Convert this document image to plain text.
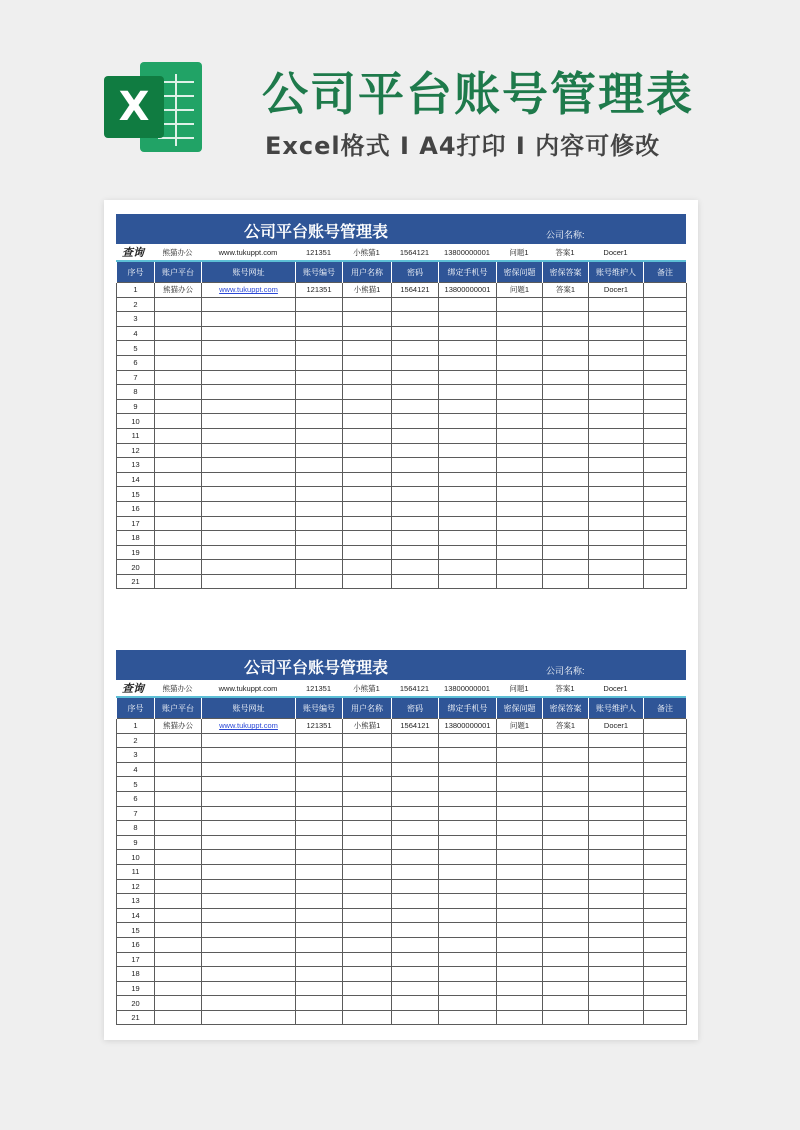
X 公司平台账号管理表
Excel格式 I A4打印 I 内容可修改
公司平台账号管理表	公司名称:
查询	熊猫办公	www.tukuppt.com	121351	小熊猫1	1564121	13800000001	问题1	答案1	Docer1	
序号	账户平台	账号网址	账号编号	用户名称	密码	绑定手机号	密保问题	密保答案	账号维护人	备注
1	熊猫办公	www.tukuppt.com	121351	小熊猫1	1564121	13800000001	问题1	答案1	Docer1	
2										
3										
4										
5										
6										
7										
8										
9										
10										
11										
12										
13										
14										
15										
16										
17										
18										
19										
20										
21										
公司平台账号管理表	公司名称:
查询	熊猫办公	www.tukuppt.com	121351	小熊猫1	1564121	13800000001	问题1	答案1	Docer1	
序号	账户平台	账号网址	账号编号	用户名称	密码	绑定手机号	密保问题	密保答案	账号维护人	备注
1	熊猫办公	www.tukuppt.com	121351	小熊猫1	1564121	13800000001	问题1	答案1	Docer1	
2										
3										
4										
5										
6										
7										
8										
9										
10										
11										
12										
13										
14										
15										
16										
17										
18										
19										
20										
21										
